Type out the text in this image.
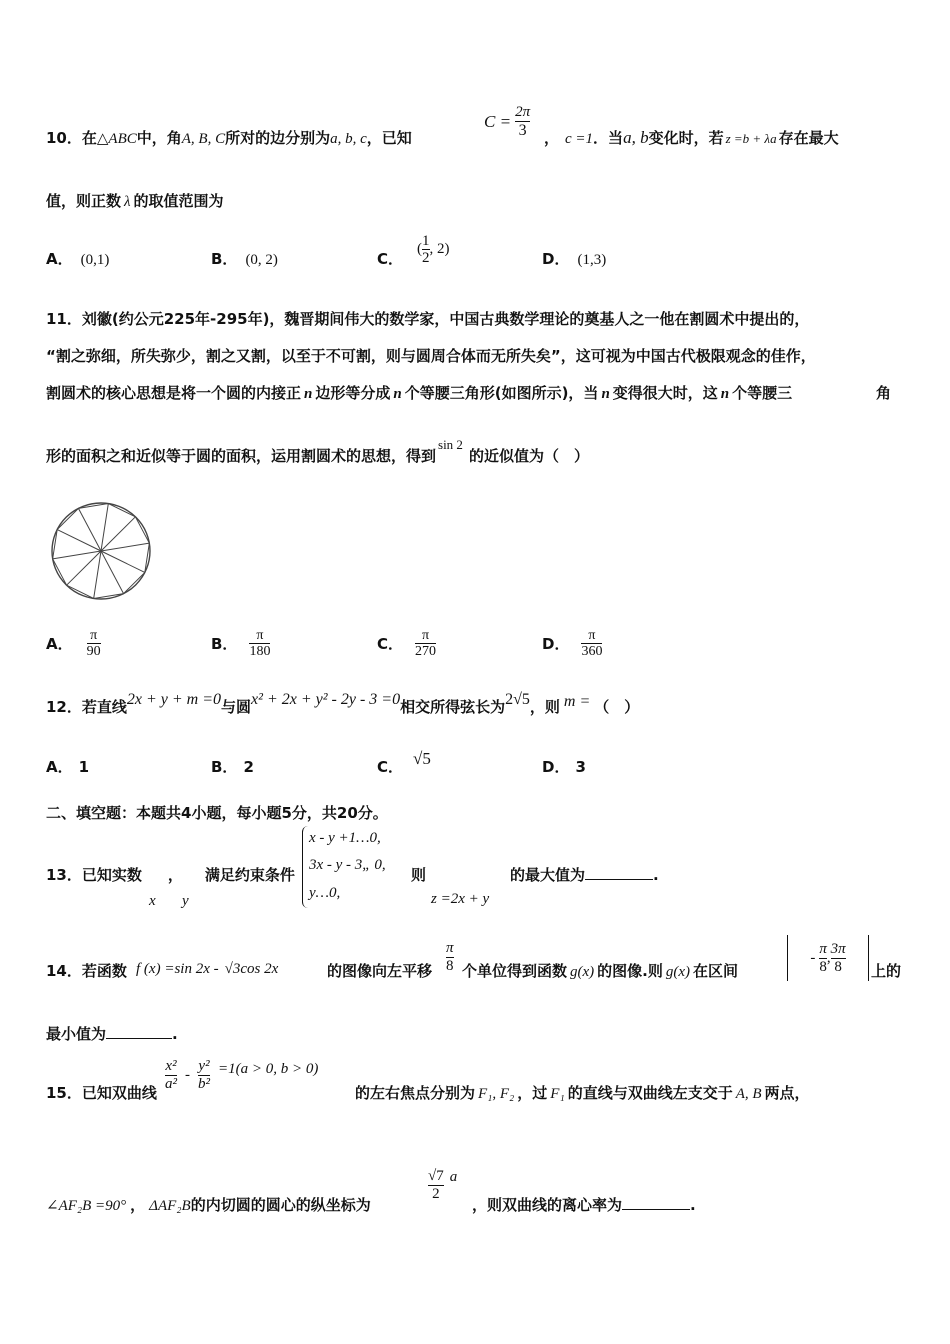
10．在△ABC中，角A, B, C所对的边分别为a, b, c，已知
$C = \frac{2\pi}{3}$ ， c =1．当a, b变化时，若 z =b + λa 存在最大
值，则正数 λ 的取值范围为
A． (0,1)	B． (0, 2)	C．
( $\frac{1}{2}$ , 2)
D． (1,3)
11．刘徽(约公元225年-295年)，魏晋期间伟大的数学家，中国古典数学理论的奠基人之一他在割圆术中提出的，
“割之弥细，所失弥少，割之又割，以至于不可割，则与圆周合体而无所失矣”，这可视为中国古代极限观念的佳作，
割圆术的核心思想是将一个圆的内接正 n 边形等分成 n 个等腰三角形(如图所示)，当 n 变得很大时，这 n 个等腰三	角
形的面积之和近似等于圆的面积，运用割圆术的思想，得到sin 2的近似值为（　）
A． $\frac{\pi}{90}$	B． $\frac{\pi}{180}$	C． $\frac{\pi}{270}$	D． $\frac{\pi}{360}$
12．若直线2x + y + m =0与圆x² + 2x + y² - 2y - 3 =0相交所得弦长为2√5，则 m = （　）
A． 1	B． 2	C． √5	D． 3
二、填空题：本题共4小题，每小题5分，共20分。
13．已知实数 ， 满足约束条件
x y
x - y +1…0,
3x - y - 3„ 0,
y…0,
则	的最大值为	.
z =2x + y
14．若函数 f (x) =sin 2x - √3cos 2x	的图像向左平移 $\frac{\pi}{8}$ 个单位得到函数 g(x) 的图像.则 g(x) 在区间
- $\frac{\pi}{8}$ , $\frac{3\pi}{8}$ 上的
最小值为	.
15．已知双曲线
$\frac{\text{x²}}{\text{a²}} - \frac{\text{y²}}{\text{b²}} =1(a > 0$, b > 0)
的左右焦点分别为 F₁, F₂ ，过 F₁ 的直线与双曲线左支交于 A, B 两点，
∠AF₂B =90° ， ΔAF₂B的内切圆的圆心的纵坐标为
$\frac{√7}{2}$ a
，则双曲线的离心率为	.
